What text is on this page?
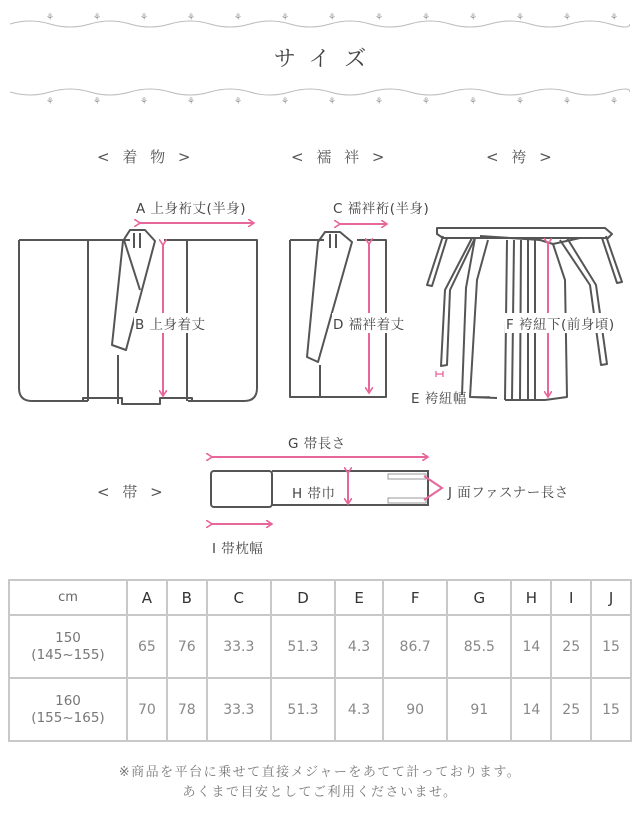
⚘	⚘	⚘	⚘	⚘	⚘	⚘	⚘	⚘	⚘	⚘	⚘	⚘
サイズ
⚘	⚘	⚘	⚘	⚘	⚘	⚘	⚘	⚘	⚘	⚘	⚘	⚘
< 着 物 >	< 襦 袢 >	< 袴 >
< 帯 >
A 上身裄丈(半身)
B 上身着丈
C 襦袢裄(半身)
D 襦袢着丈
E 袴紐幅
F 袴紐下(前身頃)
G 帯長さ
H 帯巾
I 帯枕幅
J 面ファスナー長さ
cm	A	B	C	D	E	F	G	H	I	J

150
(145~155)	65	76	33.3	51.3	4.3	86.7	85.5	14	25	15

160
(155~165)	70	78	33.3	51.3	4.3	90	91	14	25	15
※商品を平台に乗せて直接メジャーをあてて計っております。
あくまで目安としてご利用くださいませ。
